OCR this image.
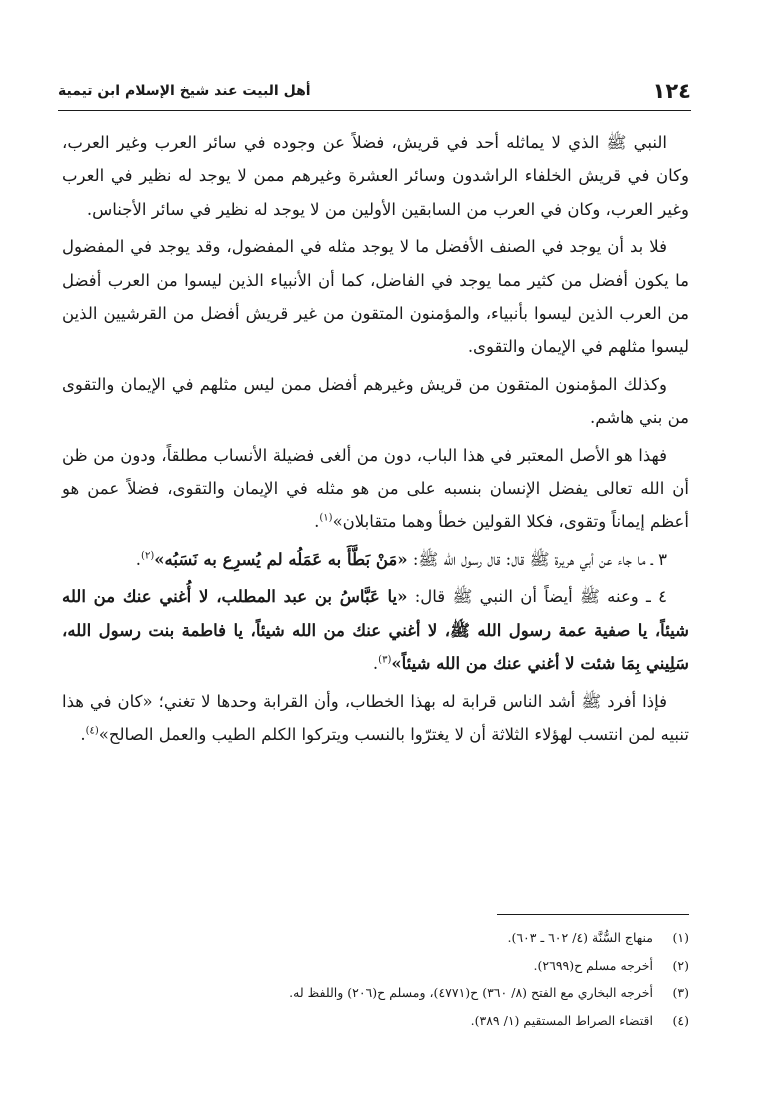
١٢٤
أهل البيت عند شيخ الإسلام ابن تيمية

النبي ﷺ الذي لا يماثله أحد في قريش، فضلاً عن وجوده في سائر العرب وغير العرب، وكان في قريش الخلفاء الراشدون وسائر العشرة وغيرهم ممن لا يوجد له نظير في العرب وغير العرب، وكان في العرب من السابقين الأولين من لا يوجد له نظير في سائر الأجناس.

فلا بد أن يوجد في الصنف الأفضل ما لا يوجد مثله في المفضول، وقد يوجد في المفضول ما يكون أفضل من كثير مما يوجد في الفاضل، كما أن الأنبياء الذين ليسوا من العرب أفضل من العرب الذين ليسوا بأنبياء، والمؤمنون المتقون من غير قريش أفضل من القرشيين الذين ليسوا مثلهم في الإيمان والتقوى.

وكذلك المؤمنون المتقون من قريش وغيرهم أفضل ممن ليس مثلهم في الإيمان والتقوى من بني هاشم.

فهذا هو الأصل المعتبر في هذا الباب، دون من ألغى فضيلة الأنساب مطلقاً، ودون من ظن أن الله تعالى يفضل الإنسان بنسبه على من هو مثله في الإيمان والتقوى، فضلاً عمن هو أعظم إيماناً وتقوى، فكلا القولين خطأ وهما متقابلان»$^{(١)}$.

٣ ـ ما جاء عن أبي هريرة ﷺ قال: قال رسول الله ﷺ: «مَنْ بَطَّأَ به عَمَلُه لم يُسرِع به نَسَبُه»$^{(٢)}$.

٤ ـ وعنه ﷺ أيضاً أن النبي ﷺ قال: «يا عَبَّاسُ بن عبد المطلب، لا أُغني عنك من الله شيئاً، يا صفية عمة رسول الله ﷺ، لا أغني عنك من الله شيئاً، يا فاطمة بنت رسول الله، سَلِيني بِمَا شئت لا أغني عنك من الله شيئاً»$^{(٣)}$.

فإذا أفرد ﷺ أشد الناس قرابة له بهذا الخطاب، وأن القرابة وحدها لا تغني؛ «كان في هذا تنبيه لمن انتسب لهؤلاء الثلاثة أن لا يغترّوا بالنسب ويتركوا الكلم الطيب والعمل الصالح»$^{(٤)}$.

(١)
منهاج السُّنَّة (٤/ ٦٠٢ ـ ٦٠٣).
(٢)
أخرجه مسلم ح(٢٦٩٩).
(٣)
أخرجه البخاري مع الفتح (٨/ ٣٦٠) ح(٤٧٧١)، ومسلم ح(٢٠٦) واللفظ له.
(٤)
اقتضاء الصراط المستقيم (١/ ٣٨٩).
